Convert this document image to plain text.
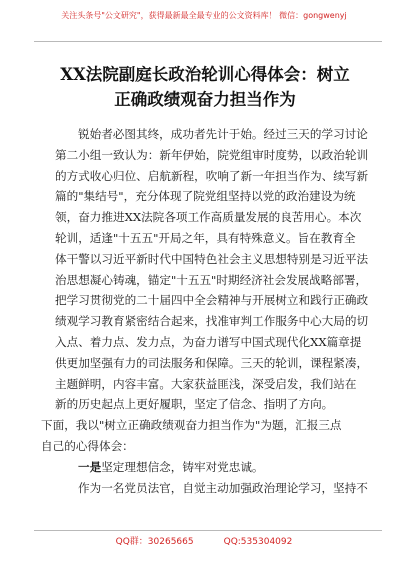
关注头条号"公文研究"，获得最新最全最专业的公文资料库！ 微信：gongwenyj
XX法院副庭长政治轮训心得体会：树立
正确政绩观奋力担当作为
锐始者必图其终，成功者先计于始。经过三天的学习讨论
第二小组一致认为：新年伊始，院党组审时度势，以政治轮训
的方式收心归位、启航新程，吹响了新一年担当作为、续写新
篇的"集结号"，充分体现了院党组坚持以党的政治建设为统
领，奋力推进XX法院各项工作高质量发展的良苦用心。本次
轮训，适逢"十五五"开局之年，具有特殊意义。旨在教育全
体干警以习近平新时代中国特色社会主义思想特别是习近平法
治思想凝心铸魂，锚定"十五五"时期经济社会发展战略部署，
把学习贯彻党的二十届四中全会精神与开展树立和践行正确政
绩观学习教育紧密结合起来，找准审判工作服务中心大局的切
入点、着力点、发力点，为奋力谱写中国式现代化XX篇章提
供更加坚强有力的司法服务和保障。三天的轮训，课程紧凑，
主题鲜明，内容丰富。大家获益匪浅，深受启发，我们站在
新的历史起点上更好履职，坚定了信念、指明了方向。
下面，我以"树立正确政绩观奋力担当作为"为题，汇报三点
自己的心得体会：
一是坚定理想信念，铸牢对党忠诚。
作为一名党员法官，自觉主动加强政治理论学习，坚持不
QQ群：30265665	QQ:535304092
